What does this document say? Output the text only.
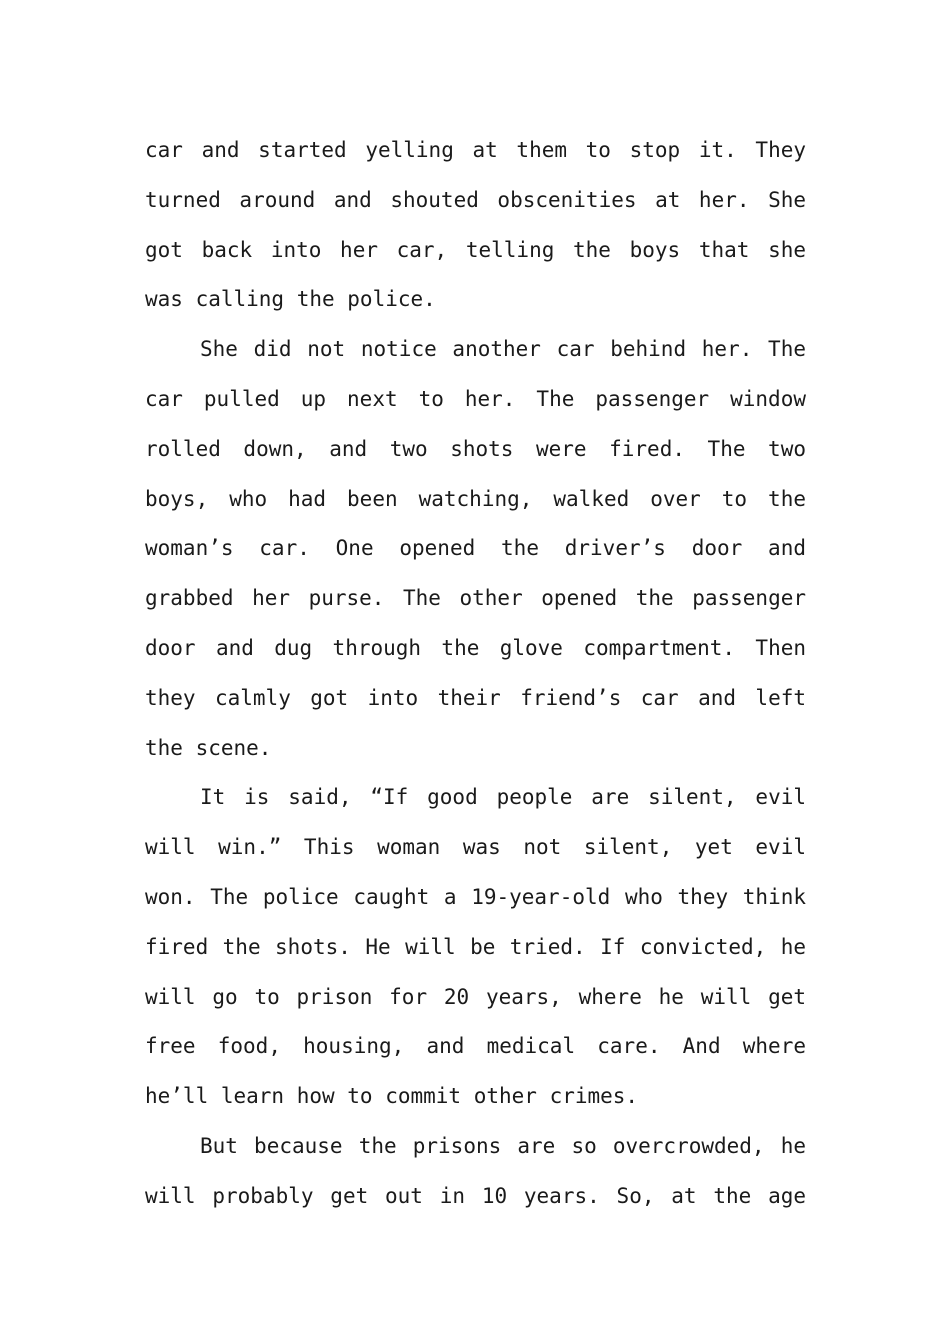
car and started yelling at them to stop it. They
turned around and shouted obscenities at her. She
got back into her car, telling the boys that she
was calling the police.
She did not notice another car behind her. The
car pulled up next to her. The passenger window
rolled down, and two shots were fired. The two
boys, who had been watching, walked over to the
woman’s car. One opened the driver’s door and
grabbed her purse. The other opened the passenger
door and dug through the glove compartment. Then
they calmly got into their friend’s car and left
the scene.
It is said, “If good people are silent, evil
will win.” This woman was not silent, yet evil
won. The police caught a 19-year-old who they think
fired the shots. He will be tried. If convicted, he
will go to prison for 20 years, where he will get
free food, housing, and medical care. And where
he’ll learn how to commit other crimes.
But because the prisons are so overcrowded, he
will probably get out in 10 years. So, at the age
